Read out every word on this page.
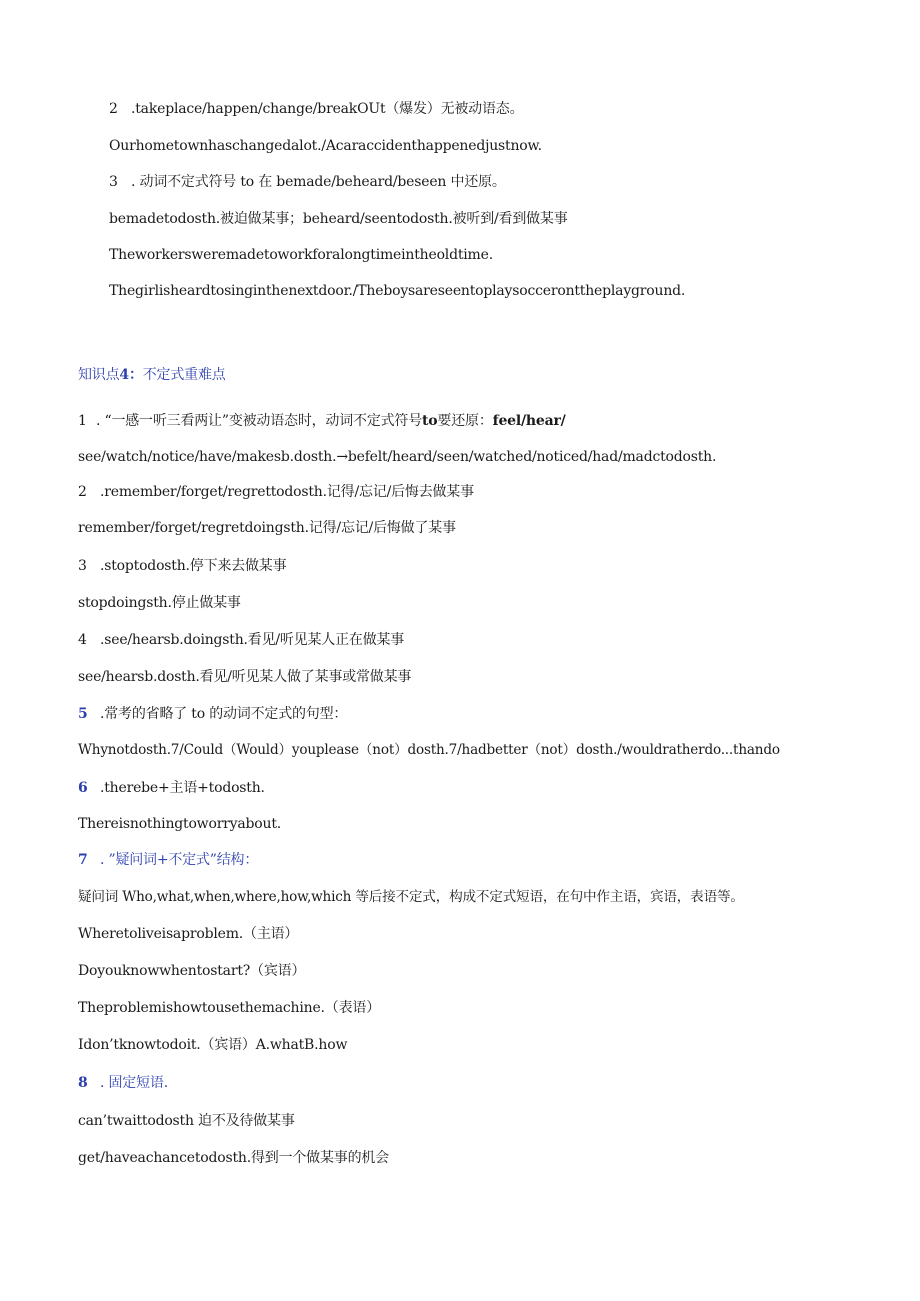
2 .takeplace/happen/change/breakOUt（爆发）无被动语态。
Ourhometownhaschangedalot./Acaraccidenthappenedjustnow.
3 . 动词不定式符号 to 在 bemade/beheard/beseen 中还原。
bemadetodosth.被迫做某事；beheard/seentodosth.被听到/看到做某事
Theworkersweremadetoworkforalongtimeintheoldtime.
Thegirlisheardtosinginthenextdoor./Theboysareseentoplaysocceronttheplayground.
知识点4：不定式重难点
1 . “一感一听三看两让”变被动语态时，动词不定式符号to要还原：feel/hear/
see/watch/notice/have/makesb.dosth.→befelt/heard/seen/watched/noticed/had/madctodosth.
2 .remember/forget/regrettodosth.记得/忘记/后悔去做某事
remember/forget/regretdoingsth.记得/忘记/后悔做了某事
3 .stoptodosth.停下来去做某事
stopdoingsth.停止做某事
4 .see/hearsb.doingsth.看见/听见某人正在做某事
see/hearsb.dosth.看见/听见某人做了某事或常做某事
5 .常考的省略了 to 的动词不定式的句型：
Whynotdosth.7/Could（Would）youplease（not）dosth.7/hadbetter（not）dosth./wouldratherdo...thando
6 .therebe+主语+todosth.
Thereisnothingtoworryabout.
7 . ”疑问词+不定式”结构：
疑问词 Who,what,when,where,how,which 等后接不定式，构成不定式短语，在句中作主语，宾语，表语等。
Wheretoliveisaproblem.（主语）
Doyouknowwhentostart?（宾语）
Theproblemishowtousethemachine.（表语）
Idon’tknowtodoit.（宾语）A.whatB.how
8 . 固定短语.
can’twaittodosth 迫不及待做某事
get/haveachancetodosth.得到一个做某事的机会
